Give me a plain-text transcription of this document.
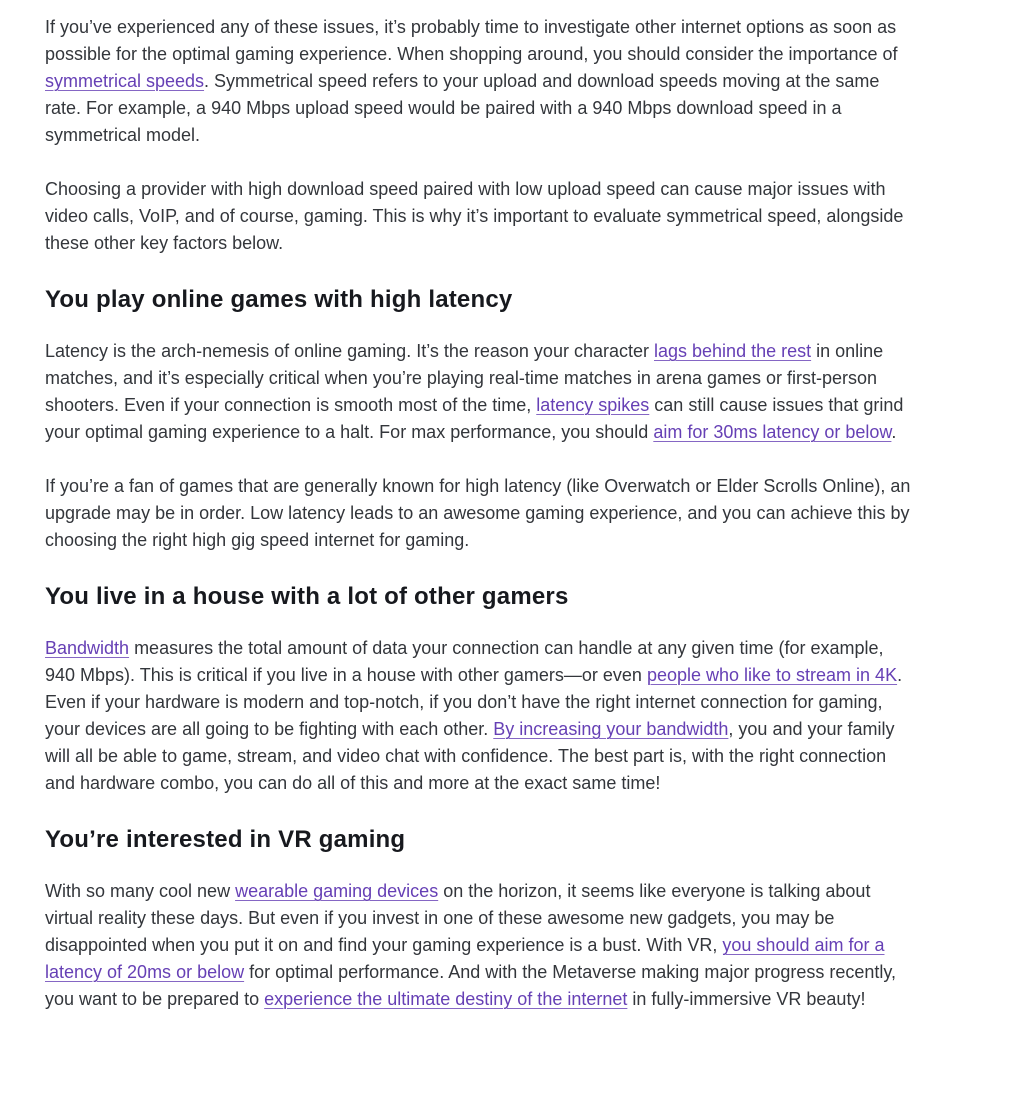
If you’ve experienced any of these issues, it’s probably time to investigate other internet options as soon as possible for the optimal gaming experience. When shopping around, you should consider the importance of symmetrical speeds. Symmetrical speed refers to your upload and download speeds moving at the same rate. For example, a 940 Mbps upload speed would be paired with a 940 Mbps download speed in a symmetrical model.

Choosing a provider with high download speed paired with low upload speed can cause major issues with video calls, VoIP, and of course, gaming. This is why it’s important to evaluate symmetrical speed, alongside these other key factors below.

You play online games with high latency

Latency is the arch-nemesis of online gaming. It’s the reason your character lags behind the rest in online matches, and it’s especially critical when you’re playing real-time matches in arena games or first-person shooters. Even if your connection is smooth most of the time, latency spikes can still cause issues that grind your optimal gaming experience to a halt. For max performance, you should aim for 30ms latency or below.

If you’re a fan of games that are generally known for high latency (like Overwatch or Elder Scrolls Online), an upgrade may be in order. Low latency leads to an awesome gaming experience, and you can achieve this by choosing the right high gig speed internet for gaming.

You live in a house with a lot of other gamers

Bandwidth measures the total amount of data your connection can handle at any given time (for example, 940 Mbps). This is critical if you live in a house with other gamers—or even people who like to stream in 4K. Even if your hardware is modern and top-notch, if you don’t have the right internet connection for gaming, your devices are all going to be fighting with each other. By increasing your bandwidth, you and your family will all be able to game, stream, and video chat with confidence. The best part is, with the right connection and hardware combo, you can do all of this and more at the exact same time!

You’re interested in VR gaming

With so many cool new wearable gaming devices on the horizon, it seems like everyone is talking about virtual reality these days. But even if you invest in one of these awesome new gadgets, you may be disappointed when you put it on and find your gaming experience is a bust. With VR, you should aim for a latency of 20ms or below for optimal performance. And with the Metaverse making major progress recently, you want to be prepared to experience the ultimate destiny of the internet in fully-immersive VR beauty!
